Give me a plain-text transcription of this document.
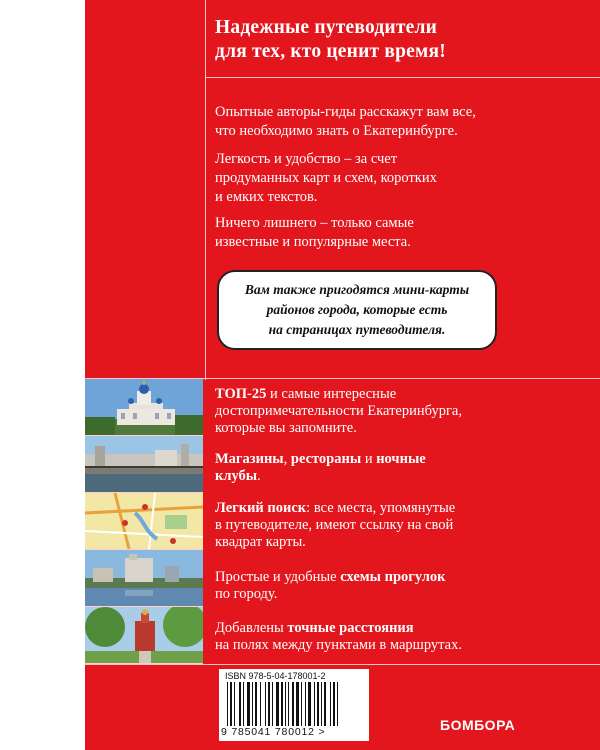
Надежные путеводители
для тех, кто ценит время!
Опытные авторы-гиды расскажут вам все,
что необходимо знать о Екатеринбурге.
Легкость и удобство – за счет
продуманных карт и схем, коротких
и емких текстов.
Ничего лишнего – только самые
известные и популярные места.
Вам также пригодятся мини-карты
районов города, которые есть
на страницах путеводителя.
ТОП-25 и самые интересные
достопримечательности Екатеринбурга,
которые вы запомните.
Магазины, рестораны и ночные
клубы.
Легкий поиск: все места, упомянутые
в путеводителе, имеют ссылку на свой
квадрат карты.
Простые и удобные схемы прогулок
по городу.
Добавлены точные расстояния
на полях между пунктами в маршрутах.
ISBN 978-5-04-178001-2
9 785041 780012 >	БОМБОРА
